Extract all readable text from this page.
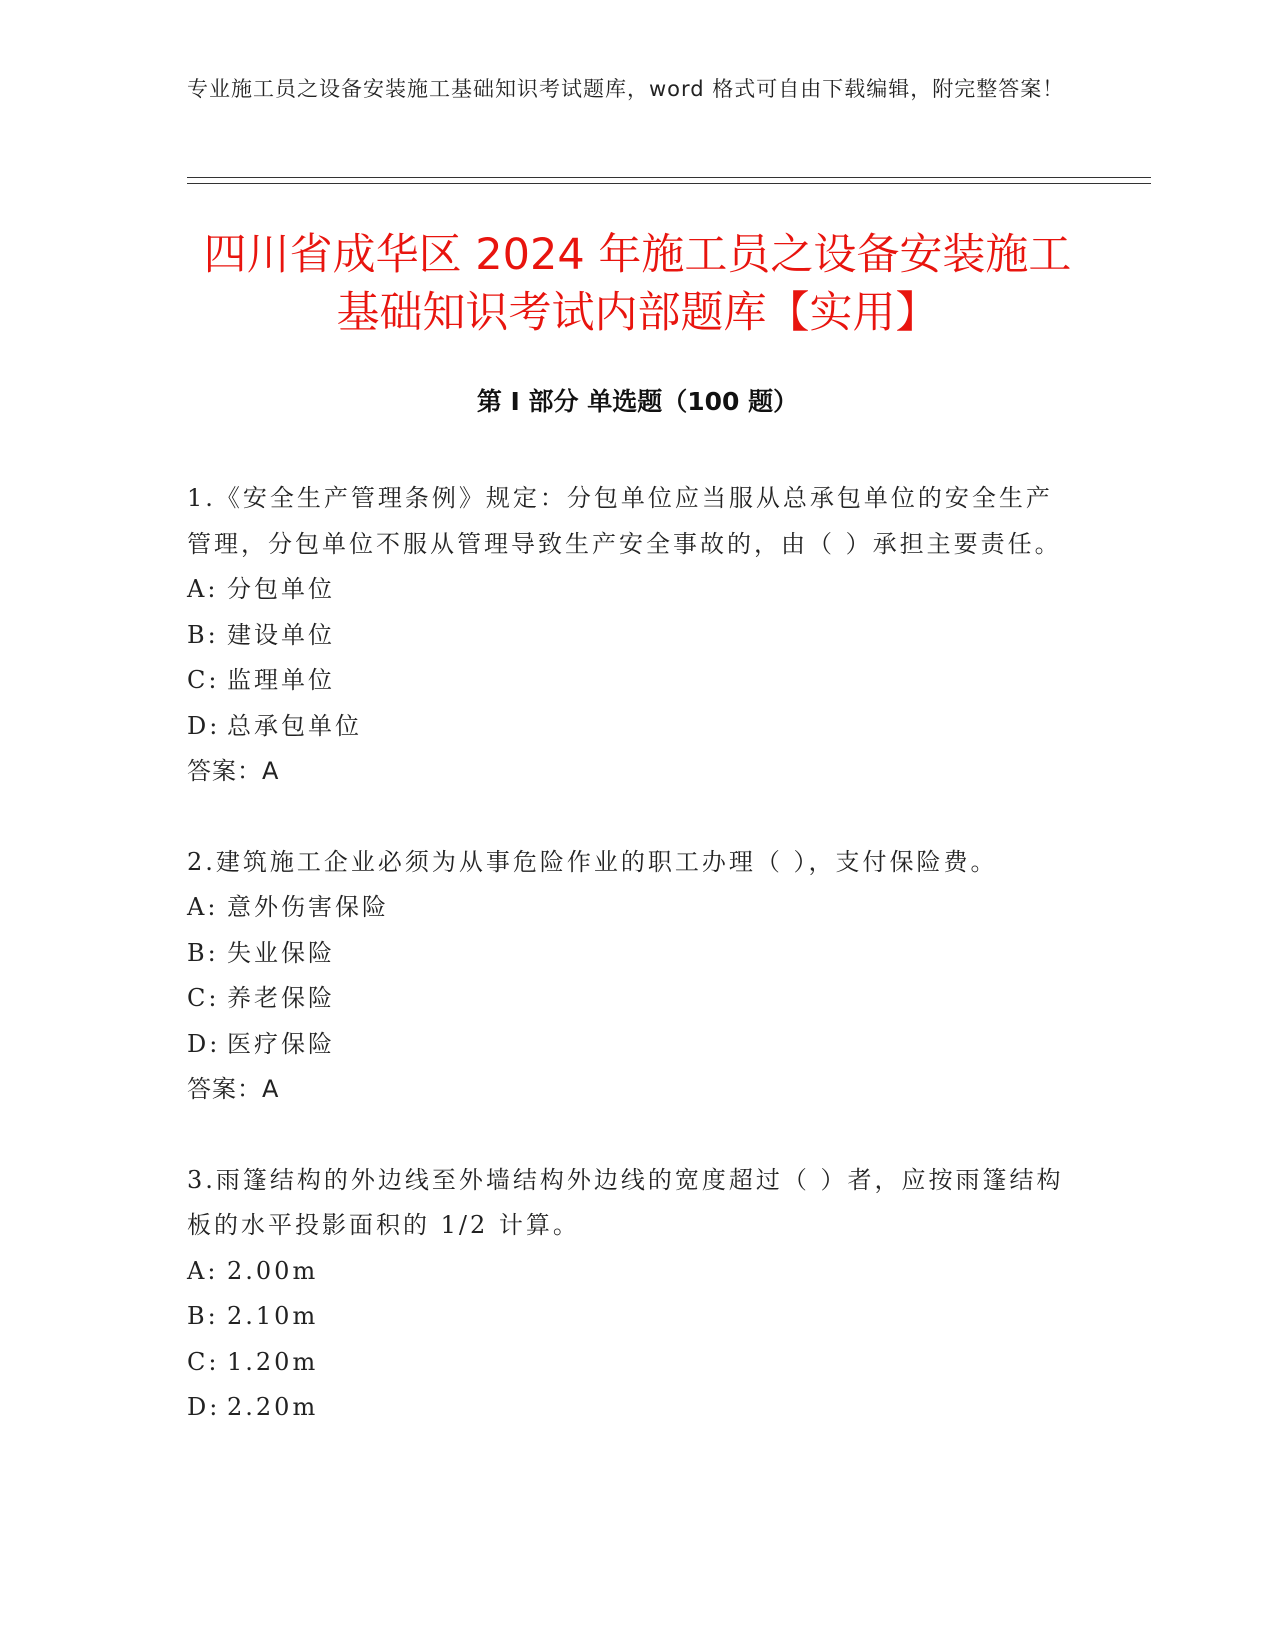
专业施工员之设备安装施工基础知识考试题库，word 格式可自由下载编辑，附完整答案！
四川省成华区 2024 年施工员之设备安装施工
基础知识考试内部题库【实用】
第 I 部分 单选题（100 题）

1.《安全生产管理条例》规定：分包单位应当服从总承包单位的安全生产管理，分包单位不服从管理导致生产安全事故的，由（ ）承担主要责任。

A: 分包单位
B: 建设单位
C: 监理单位
D: 总承包单位
答案：A

2.建筑施工企业必须为从事危险作业的职工办理（ ），支付保险费。

A: 意外伤害保险
B: 失业保险
C: 养老保险
D: 医疗保险
答案：A

3.雨篷结构的外边线至外墙结构外边线的宽度超过（ ）者，应按雨篷结构板的水平投影面积的 1/2 计算。

A: 2.00m
B: 2.10m
C: 1.20m
D: 2.20m
